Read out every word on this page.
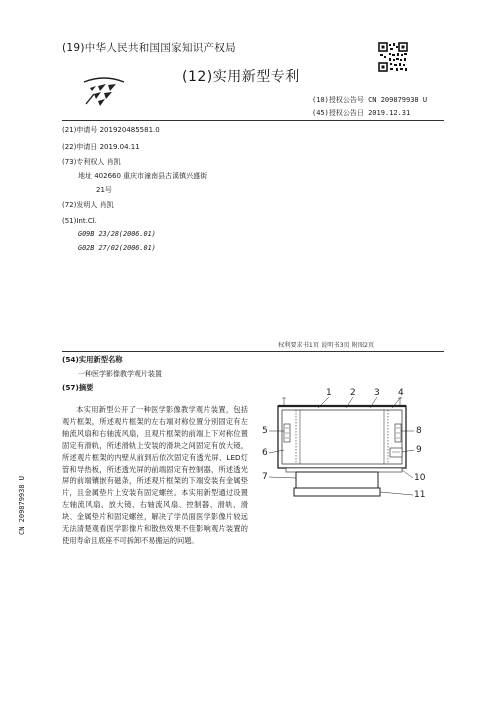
(19)中华人民共和国国家知识产权局
(12)实用新型专利
(10)授权公告号 CN 209879938 U
(45)授权公告日 2019.12.31
(21)申请号 201920485581.0
(22)申请日 2019.04.11
(73)专利权人 肖凯
地址 402660 重庆市潼南县古溪镇兴盛街
21号
(72)发明人 肖凯
(51)Int.Cl.
G09B 23/28(2006.01)
G02B 27/02(2006.01)
权利要求书1页 说明书3页 附图2页
(54)实用新型名称
一种医学影像教学观片装置
(57)摘要
本实用新型公开了一种医学影像教学观片装置，包括观片框架，所述观片框架的左右端对称位置分别固定有左轴流风扇和右轴流风扇，且观片框架的前端上下对称位置固定有滑轨，所述滑轨上安装的滑块之间固定有放大镜，所述观片框架的内壁从前到后依次固定有透光屏、LED灯管和导热板，所述透光屏的前端固定有控制器，所述透光屏的前端镶嵌有磁条，所述观片框架的下端安装有金属垫片，且金属垫片上安装有固定螺丝。本实用新型通过设置左轴流风扇、放大镜、右轴流风扇、控制器、滑轨、滑块、金属垫片和固定螺丝，解决了学员面医学影像片较远无法清楚观看医学影像片和散热效果不佳影响观片装置的使用寿命且底座不可拆卸不易搬运的问题。
CN 209879938 U
1 2 3 4
5
6
7
8
9
10
11
